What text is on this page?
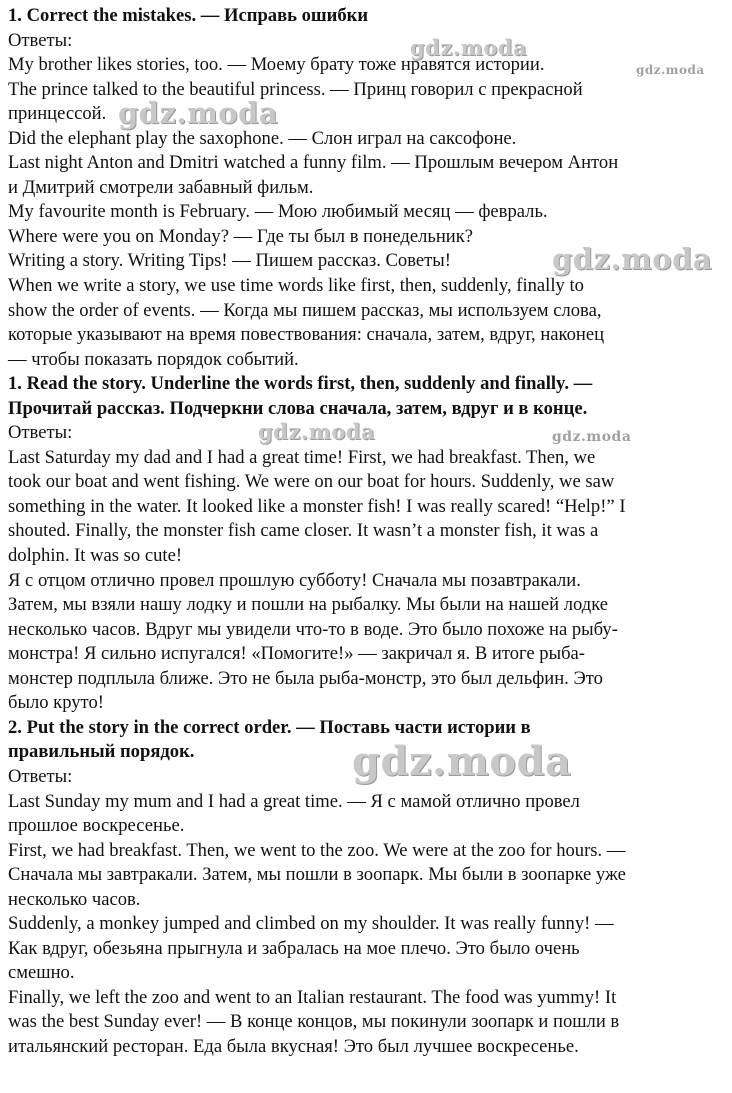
1. Correct the mistakes. — Исправь ошибки
Ответы:
My brother likes stories, too. — Моему брату тоже нравятся истории.
The prince talked to the beautiful princess. — Принц говорил с прекрасной
принцессой.
Did the elephant play the saxophone. — Слон играл на саксофоне.
Last night Anton and Dmitri watched a funny film. — Прошлым вечером Антон
и Дмитрий смотрели забавный фильм.
My favourite month is February. — Мою любимый месяц — февраль.
Where were you on Monday? — Где ты был в понедельник?
Writing a story. Writing Tips! — Пишем рассказ. Советы!
When we write a story, we use time words like first, then, suddenly, finally to
show the order of events. — Когда мы пишем рассказ, мы используем слова,
которые указывают на время повествования: сначала, затем, вдруг, наконец
— чтобы показать порядок событий.
1. Read the story. Underline the words first, then, suddenly and finally. —
Прочитай рассказ. Подчеркни слова сначала, затем, вдруг и в конце.
Ответы:
Last Saturday my dad and I had a great time! First, we had breakfast. Then, we
took our boat and went fishing. We were on our boat for hours. Suddenly, we saw
something in the water. It looked like a monster fish! I was really scared! “Help!” I
shouted. Finally, the monster fish came closer. It wasn’t a monster fish, it was a
dolphin. It was so cute!
Я с отцом отлично провел прошлую субботу! Сначала мы позавтракали.
Затем, мы взяли нашу лодку и пошли на рыбалку. Мы были на нашей лодке
несколько часов. Вдруг мы увидели что-то в воде. Это было похоже на рыбу-
монстра! Я сильно испугался! «Помогите!» — закричал я. В итоге рыба-
монстер подплыла ближе. Это не была рыба-монстр, это был дельфин. Это
было круто!
2. Put the story in the correct order. — Поставь части истории в
правильный порядок.
Ответы:
Last Sunday my mum and I had a great time. — Я с мамой отлично провел
прошлое воскресенье.
First, we had breakfast. Then, we went to the zoo. We were at the zoo for hours. —
Сначала мы завтракали. Затем, мы пошли в зоопарк. Мы были в зоопарке уже
несколько часов.
Suddenly, a monkey jumped and climbed on my shoulder. It was really funny! —
Как вдруг, обезьяна прыгнула и забралась на мое плечо. Это было очень
смешно.
Finally, we left the zoo and went to an Italian restaurant. The food was yummy! It
was the best Sunday ever! — В конце концов, мы покинули зоопарк и пошли в
итальянский ресторан. Еда была вкусная! Это был лучшее воскресенье.
gdz.moda
gdz.moda
gdz.moda
gdz.moda
gdz.moda	gdz.moda
gdz.moda
